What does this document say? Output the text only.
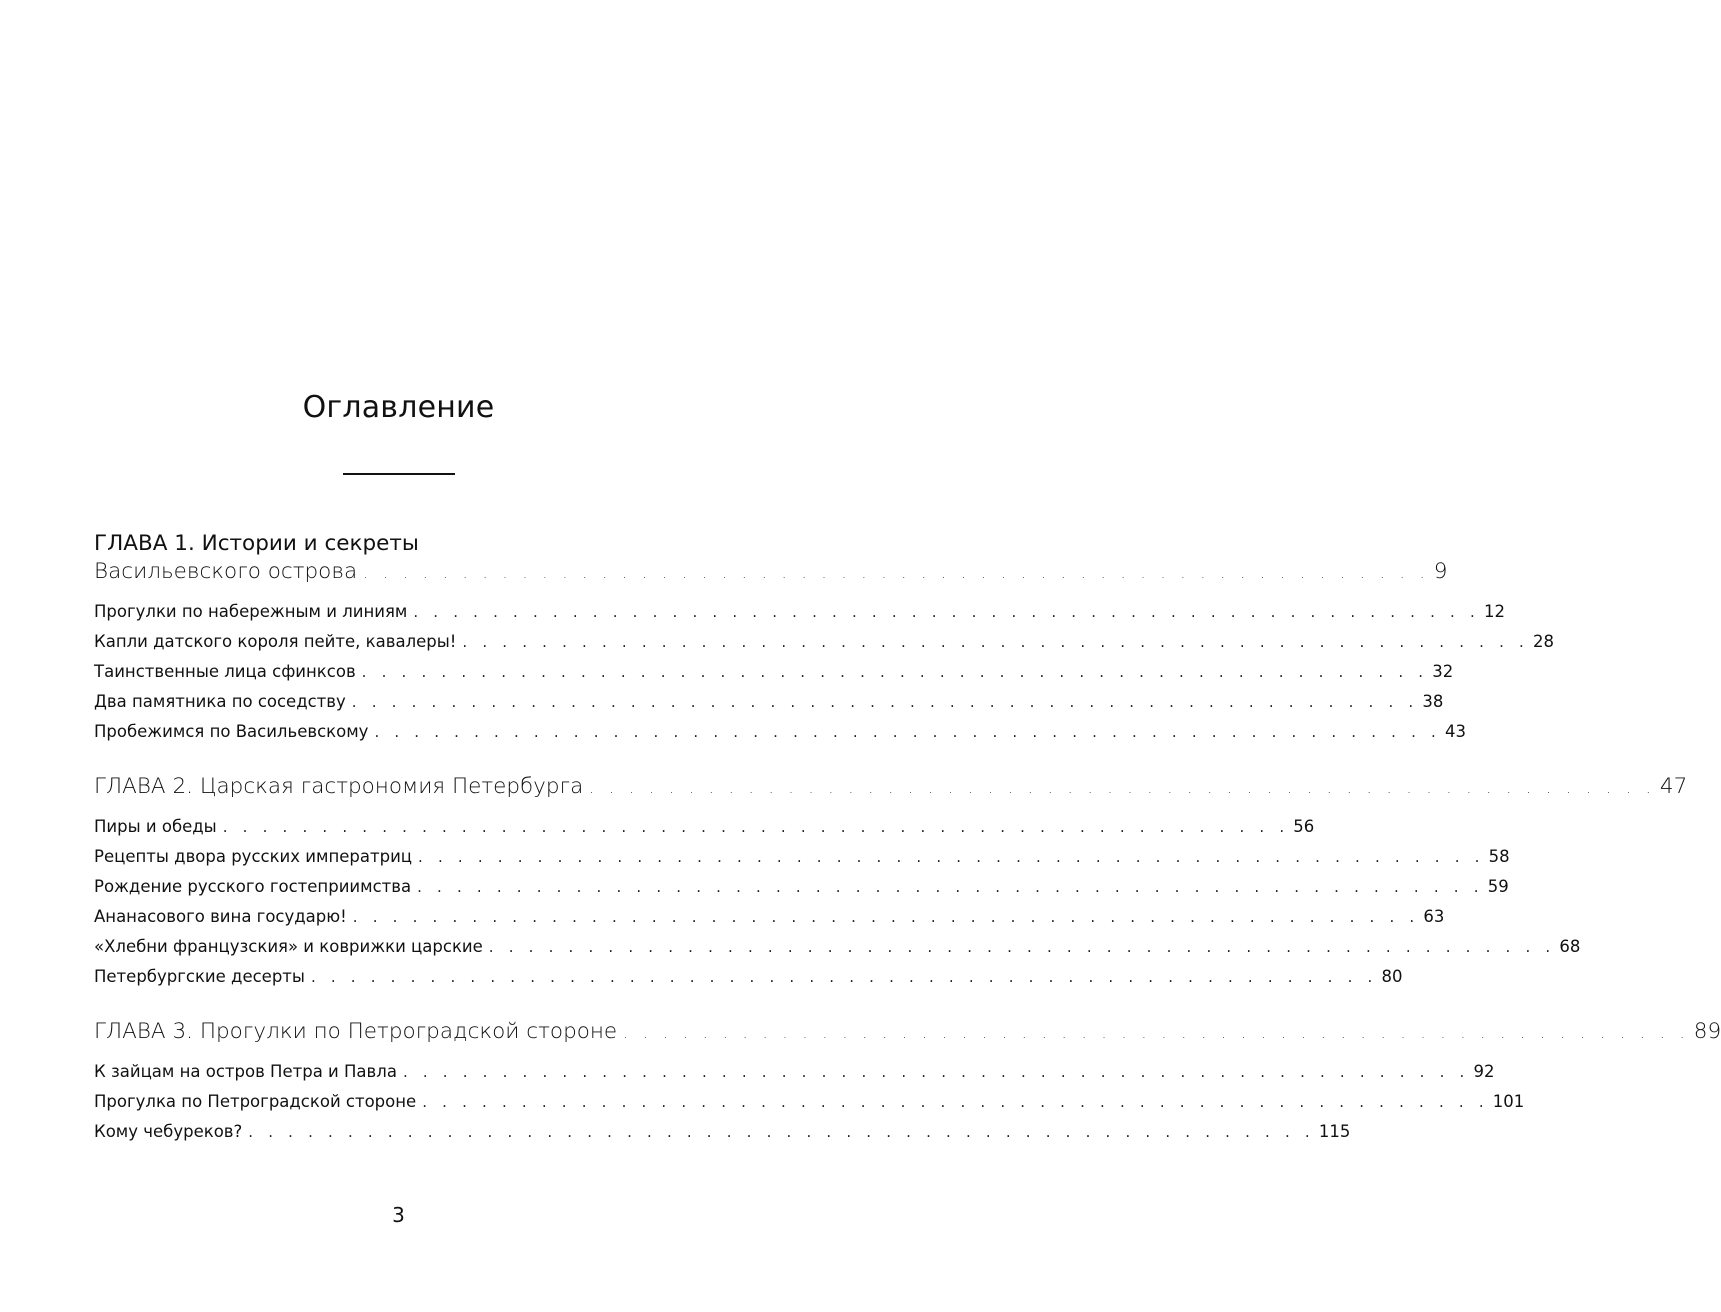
Оглавление
ГЛАВА 1. Истории и секреты
Васильевского острова . . . . . . . . . . . . . . . . . . . . . . . . . . . . . . . . . . . . . . . . . . . . . . . . . . . . . . 9
Прогулки по набережным и линиям . . . . . . . . . . . . . . . . . . . . . . . . . . . . . . . . . . . . . . . . . . . . . . . . . . . . . . 12
Капли датского короля пейте, кавалеры! . . . . . . . . . . . . . . . . . . . . . . . . . . . . . . . . . . . . . . . . . . . . . . . . . . . . . . 28
Таинственные лица сфинксов . . . . . . . . . . . . . . . . . . . . . . . . . . . . . . . . . . . . . . . . . . . . . . . . . . . . . . 32
Два памятника по соседству . . . . . . . . . . . . . . . . . . . . . . . . . . . . . . . . . . . . . . . . . . . . . . . . . . . . . . 38
Пробежимся по Васильевскому . . . . . . . . . . . . . . . . . . . . . . . . . . . . . . . . . . . . . . . . . . . . . . . . . . . . . . 43
ГЛАВА 2. Царская гастрономия Петербурга . . . . . . . . . . . . . . . . . . . . . . . . . . . . . . . . . . . . . . . . . . . . . . . . . . . . . . 47
Пиры и обеды . . . . . . . . . . . . . . . . . . . . . . . . . . . . . . . . . . . . . . . . . . . . . . . . . . . . . . 56
Рецепты двора русских императриц . . . . . . . . . . . . . . . . . . . . . . . . . . . . . . . . . . . . . . . . . . . . . . . . . . . . . . 58
Рождение русского гостеприимства . . . . . . . . . . . . . . . . . . . . . . . . . . . . . . . . . . . . . . . . . . . . . . . . . . . . . . 59
Ананасового вина государю! . . . . . . . . . . . . . . . . . . . . . . . . . . . . . . . . . . . . . . . . . . . . . . . . . . . . . . 63
«Хлебни французския» и коврижки царские . . . . . . . . . . . . . . . . . . . . . . . . . . . . . . . . . . . . . . . . . . . . . . . . . . . . . . 68
Петербургские десерты . . . . . . . . . . . . . . . . . . . . . . . . . . . . . . . . . . . . . . . . . . . . . . . . . . . . . . 80
ГЛАВА 3. Прогулки по Петроградской стороне . . . . . . . . . . . . . . . . . . . . . . . . . . . . . . . . . . . . . . . . . . . . . . . . . . . . . . 89
К зайцам на остров Петра и Павла . . . . . . . . . . . . . . . . . . . . . . . . . . . . . . . . . . . . . . . . . . . . . . . . . . . . . . 92
Прогулка по Петроградской стороне . . . . . . . . . . . . . . . . . . . . . . . . . . . . . . . . . . . . . . . . . . . . . . . . . . . . . . 101
Кому чебуреков? . . . . . . . . . . . . . . . . . . . . . . . . . . . . . . . . . . . . . . . . . . . . . . . . . . . . . . 115
3
